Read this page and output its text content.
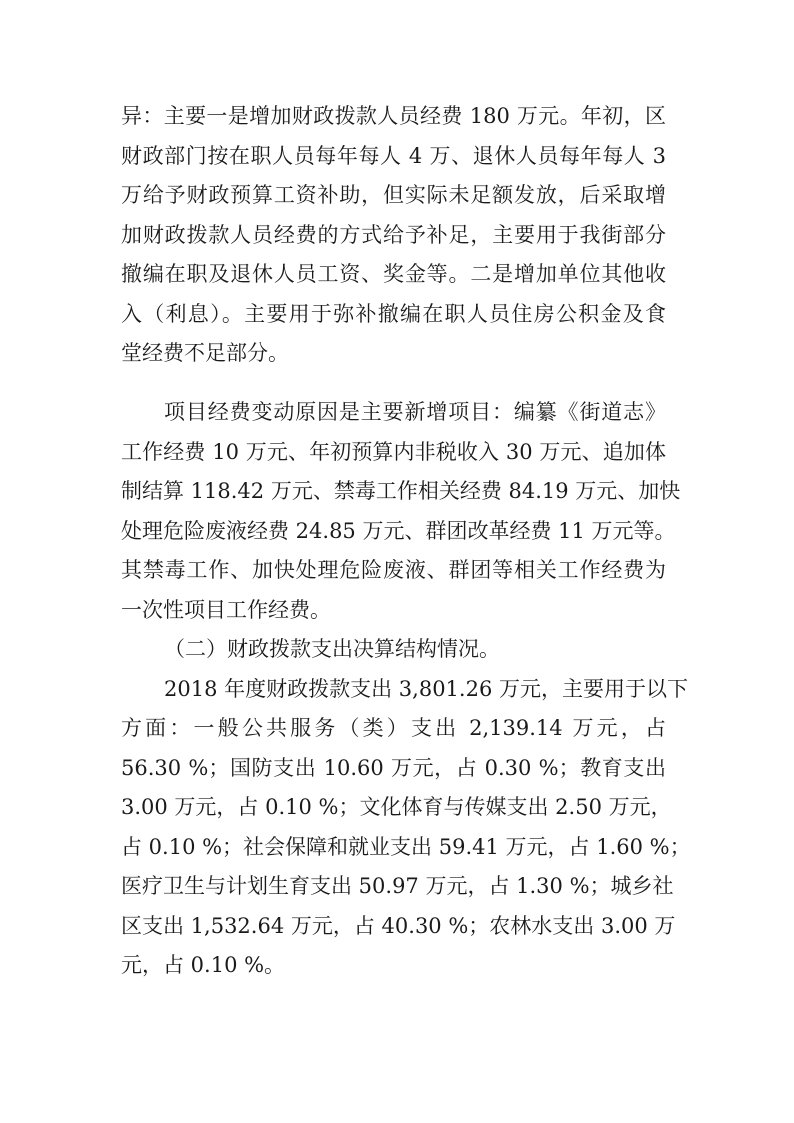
异：主要一是增加财政拨款人员经费 180 万元。年初，区
财政部门按在职人员每年每人 4 万、退休人员每年每人 3
万给予财政预算工资补助，但实际未足额发放，后采取增
加财政拨款人员经费的方式给予补足，主要用于我街部分
撤编在职及退休人员工资、奖金等。二是增加单位其他收
入（利息）。主要用于弥补撤编在职人员住房公积金及食
堂经费不足部分。
项目经费变动原因是主要新增项目：编纂《街道志》
工作经费 10 万元、年初预算内非税收入 30 万元、追加体
制结算 118.42 万元、禁毒工作相关经费 84.19 万元、加快
处理危险废液经费 24.85 万元、群团改革经费 11 万元等。
其禁毒工作、加快处理危险废液、群团等相关工作经费为
一次性项目工作经费。
（二）财政拨款支出决算结构情况。
2018 年度财政拨款支出 3,801.26 万元，主要用于以下
方面：一般公共服务（类）支出 2,139.14 万元，占
56.30 %；国防支出 10.60 万元，占 0.30 %；教育支出
3.00 万元，占 0.10 %；文化体育与传媒支出 2.50 万元，
占 0.10 %；社会保障和就业支出 59.41 万元，占 1.60 %；
医疗卫生与计划生育支出 50.97 万元，占 1.30 %；城乡社
区支出 1,532.64 万元，占 40.30 %；农林水支出 3.00 万
元，占 0.10 %。
